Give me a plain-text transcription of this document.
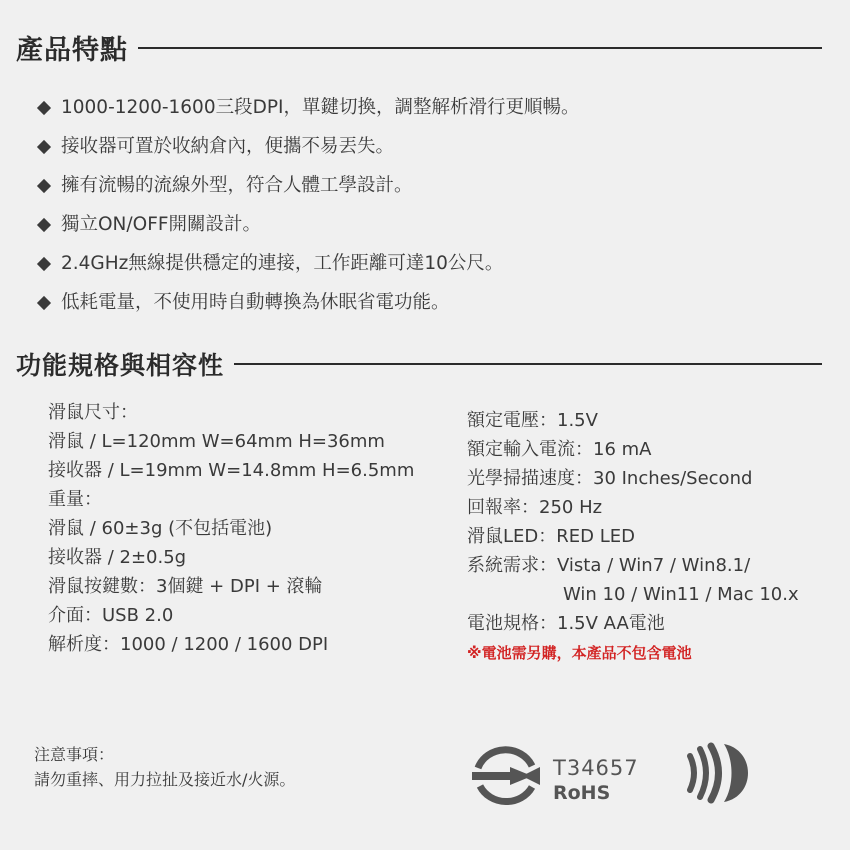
產品特點
1000-1200-1600三段DPI，單鍵切換，調整解析滑行更順暢。
接收器可置於收納倉內，便攜不易丟失。
擁有流暢的流線外型，符合人體工學設計。
獨立ON/OFF開關設計。
2.4GHz無線提供穩定的連接，工作距離可達10公尺。
低耗電量，不使用時自動轉換為休眠省電功能。
功能規格與相容性
滑鼠尺寸：
滑鼠 / L=120mm W=64mm H=36mm
接收器 / L=19mm W=14.8mm H=6.5mm
重量：
滑鼠 / 60±3g (不包括電池)
接收器 / 2±0.5g
滑鼠按鍵數：3個鍵 + DPI + 滾輪
介面：USB 2.0
解析度：1000 / 1200 / 1600 DPI
額定電壓：1.5V
額定輸入電流：16 mA
光學掃描速度：30 Inches/Second
回報率：250 Hz
滑鼠LED：RED LED
系統需求：Vista / Win7 / Win8.1/
Win 10 / Win11 / Mac 10.x
電池規格：1.5V AA電池
※電池需另購，本產品不包含電池
注意事項：
請勿重摔、用力拉扯及接近水/火源。	T34657
RoHS
